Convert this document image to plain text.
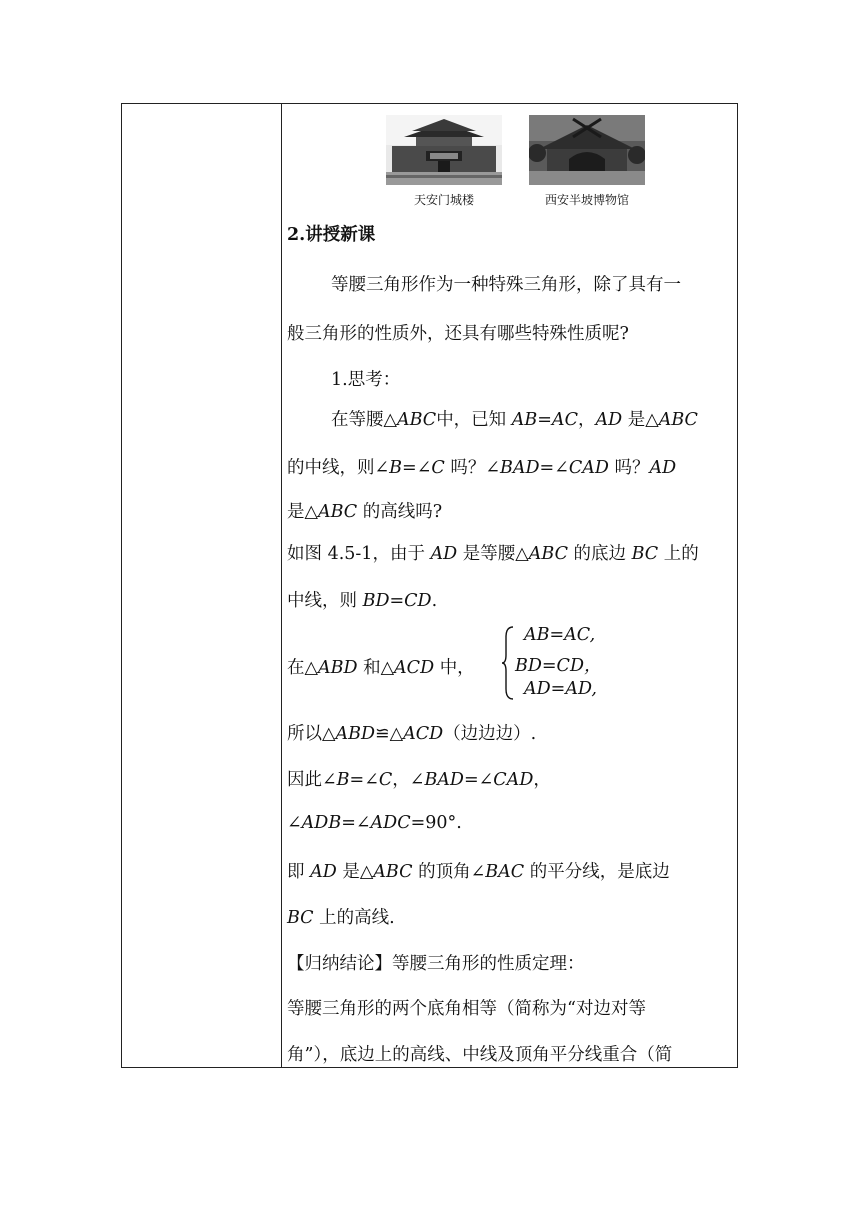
天安门城楼	西安半坡博物馆
2.讲授新课
等腰三角形作为一种特殊三角形，除了具有一
般三角形的性质外，还具有哪些特殊性质呢?
1.思考：
在等腰△ABC中，已知 AB=AC，AD 是△ABC
的中线，则∠B=∠C 吗？∠BAD=∠CAD 吗？AD
是△ABC 的高线吗?
如图 4.5-1，由于 AD 是等腰△ABC 的底边 BC 上的
中线，则 BD=CD.
在△ABD 和△ACD 中，
AB=AC,
BD=CD，
AD=AD,
所以△ABD≌△ACD（边边边）.
因此∠B=∠C，∠BAD=∠CAD，
∠ADB=∠ADC=90°.
即 AD 是△ABC 的顶角∠BAC 的平分线，是底边
BC 上的高线.
【归纳结论】等腰三角形的性质定理：
等腰三角形的两个底角相等（简称为“对边对等
角”），底边上的高线、中线及顶角平分线重合（简
